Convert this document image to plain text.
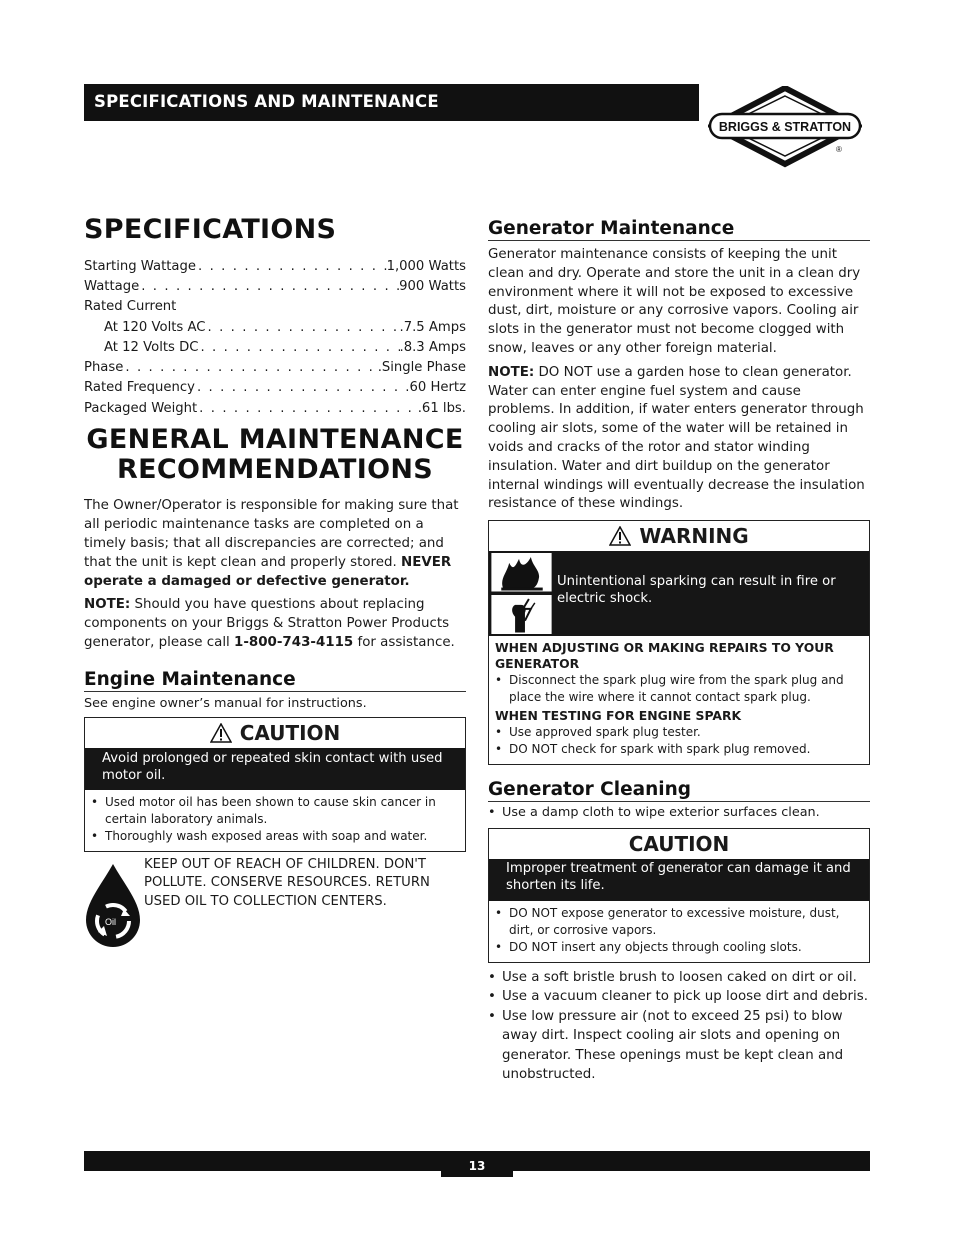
SPECIFICATIONS AND MAINTENANCE
BRIGGS & STRATTON
®
SPECIFICATIONS
Starting Wattage . . .	1,000 Watts
Wattage . . .	900 Watts
Rated Current
At 120 Volts AC . . .	.7.5 Amps
At 12 Volts DC . . .	.8.3 Amps
Phase . . .	.Single Phase
Rated Frequency . . .	.60 Hertz
Packaged Weight . . .	.61 lbs.
GENERAL MAINTENANCE
RECOMMENDATIONS

The Owner/Operator is responsible for making sure that all periodic maintenance tasks are completed on a timely basis; that all discrepancies are corrected; and that the unit is kept clean and properly stored. NEVER operate a damaged or defective generator.

NOTE: Should you have questions about replacing components on your Briggs & Stratton Power Products generator, please call 1-800-743-4115 for assistance.

Engine Maintenance

See engine owner’s manual for instructions.

CAUTION
Avoid prolonged or repeated skin contact with used motor oil.
• Used motor oil has been shown to cause skin cancer in certain laboratory animals.
• Thoroughly wash exposed areas with soap and water.
Oil

KEEP OUT OF REACH OF CHILDREN. DON'T POLLUTE. CONSERVE RESOURCES. RETURN USED OIL TO COLLECTION CENTERS.

Generator Maintenance

Generator maintenance consists of keeping the unit clean and dry. Operate and store the unit in a clean dry environment where it will not be exposed to excessive dust, dirt, moisture or any corrosive vapors. Cooling air slots in the generator must not become clogged with snow, leaves or any other foreign material.

NOTE: DO NOT use a garden hose to clean generator. Water can enter engine fuel system and cause problems. In addition, if water enters generator through cooling air slots, some of the water will be retained in voids and cracks of the rotor and stator winding insulation. Water and dirt buildup on the generator internal windings will eventually decrease the insulation resistance of these windings.

WARNING
Unintentional sparking can result in fire or electric shock.
WHEN ADJUSTING OR MAKING REPAIRS TO YOUR GENERATOR
• Disconnect the spark plug wire from the spark plug and place the wire where it cannot contact spark plug.
WHEN TESTING FOR ENGINE SPARK
• Use approved spark plug tester.
• DO NOT check for spark with spark plug removed.
Generator Cleaning
• Use a damp cloth to wipe exterior surfaces clean.
CAUTION
Improper treatment of generator can damage it and shorten its life.
• DO NOT expose generator to excessive moisture, dust, dirt, or corrosive vapors.
• DO NOT insert any objects through cooling slots.
• Use a soft bristle brush to loosen caked on dirt or oil.
• Use a vacuum cleaner to pick up loose dirt and debris.
• Use low pressure air (not to exceed 25 psi) to blow away dirt. Inspect cooling air slots and opening on generator. These openings must be kept clean and unobstructed.
13
